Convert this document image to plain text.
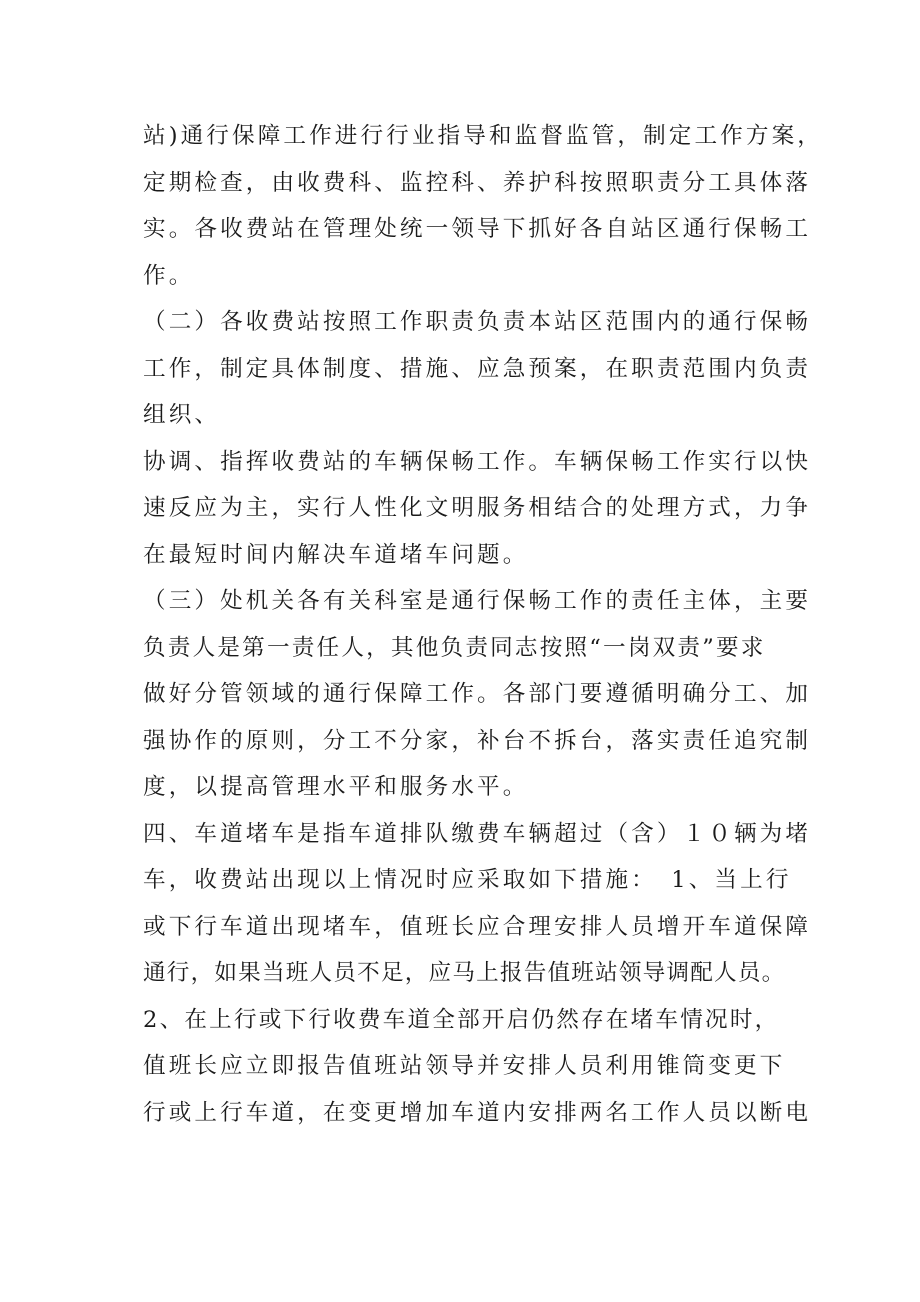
站)通行保障工作进行行业指导和监督监管，制定工作方案，
定期检查，由收费科、监控科、养护科按照职责分工具体落
实。各收费站在管理处统一领导下抓好各自站区通行保畅工
作。
（二）各收费站按照工作职责负责本站区范围内的通行保畅
工作，制定具体制度、措施、应急预案，在职责范围内负责
组织、
协调、指挥收费站的车辆保畅工作。车辆保畅工作实行以快
速反应为主，实行人性化文明服务相结合的处理方式，力争
在最短时间内解决车道堵车问题。
（三）处机关各有关科室是通行保畅工作的责任主体，主要
负责人是第一责任人，其他负责同志按照“一岗双责”要求
做好分管领域的通行保障工作。各部门要遵循明确分工、加
强协作的原则，分工不分家，补台不拆台，落实责任追究制
度，以提高管理水平和服务水平。
四、车道堵车是指车道排队缴费车辆超过（含）１０辆为堵
车，收费站出现以上情况时应采取如下措施：　1、当上行
或下行车道出现堵车，值班长应合理安排人员增开车道保障
通行，如果当班人员不足，应马上报告值班站领导调配人员。
2、在上行或下行收费车道全部开启仍然存在堵车情况时，
值班长应立即报告值班站领导并安排人员利用锥筒变更下
行或上行车道，在变更增加车道内安排两名工作人员以断电
